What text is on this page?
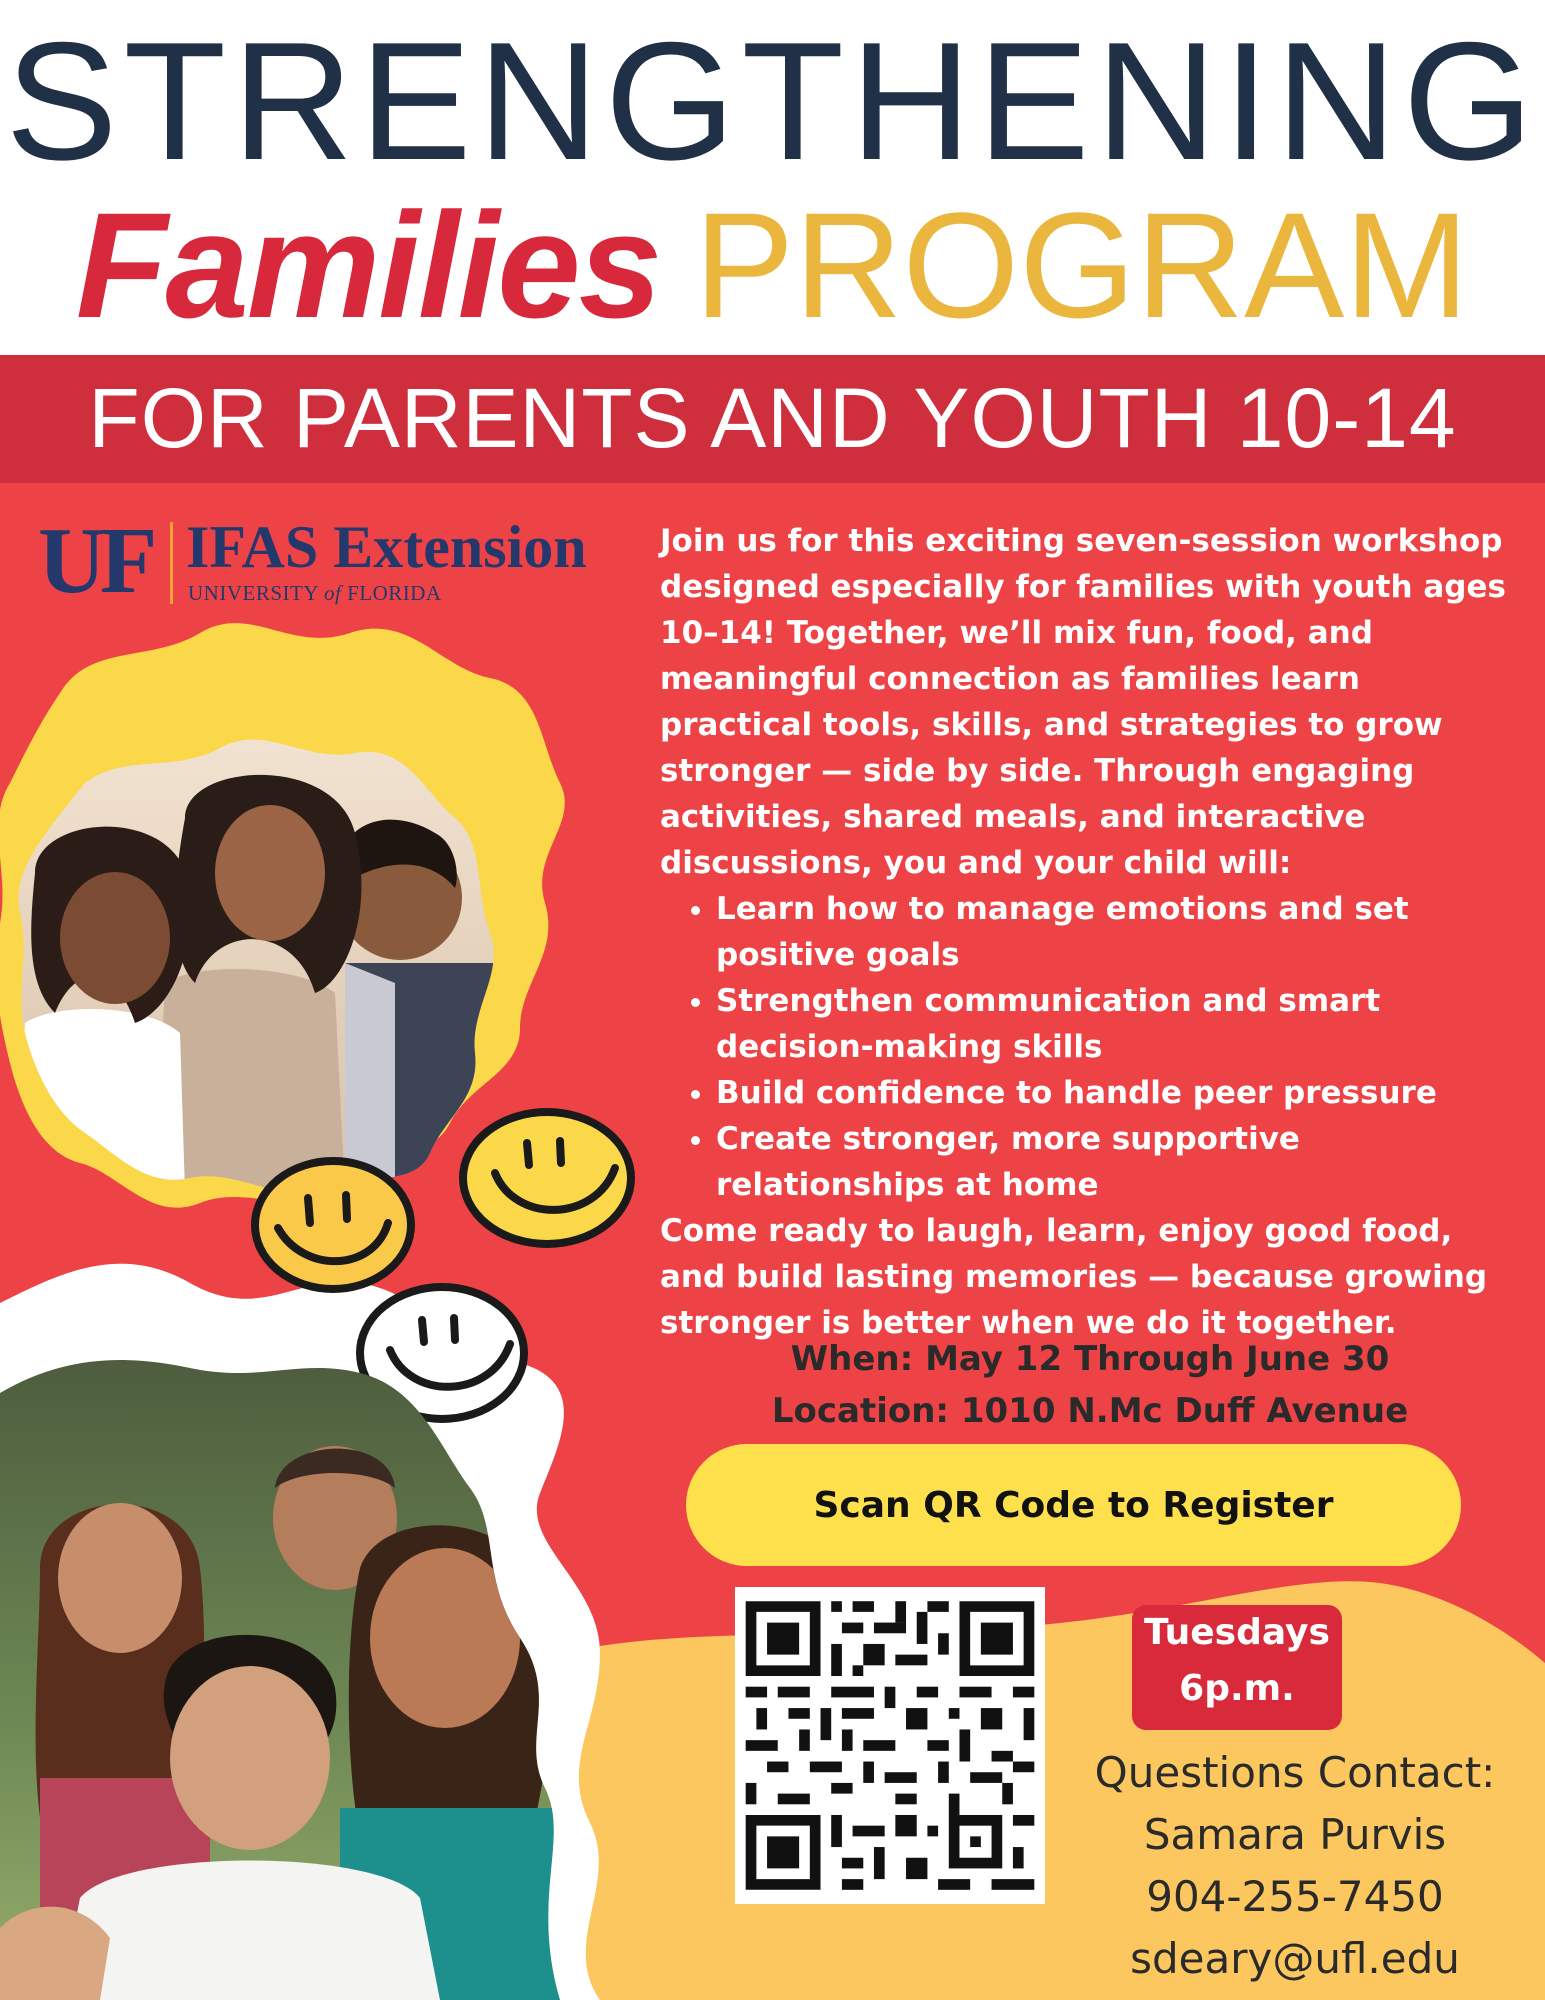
STRENGTHENING
Families PROGRAM
FOR PARENTS AND YOUTH 10-14
UF IFAS Extension
UNIVERSITY of FLORIDA

Join us for this exciting seven-session workshop designed especially for families with youth ages 10–14! Together, we’ll mix fun, food, and meaningful connection as families learn practical tools, skills, and strategies to grow stronger — side by side. Through engaging activities, shared meals, and interactive discussions, you and your child will:

• Learn how to manage emotions and set positive goals
• Strengthen communication and smart decision-making skills
• Build confidence to handle peer pressure
• Create stronger, more supportive relationships at home

Come ready to laugh, learn, enjoy good food, and build lasting memories — because growing stronger is better when we do it together.

When: May 12 Through June 30
Location: 1010 N.Mc Duff Avenue
Scan QR Code to Register
Tuesdays
6p.m.
Questions Contact:
Samara Purvis
904-255-7450
sdeary@ufl.edu
